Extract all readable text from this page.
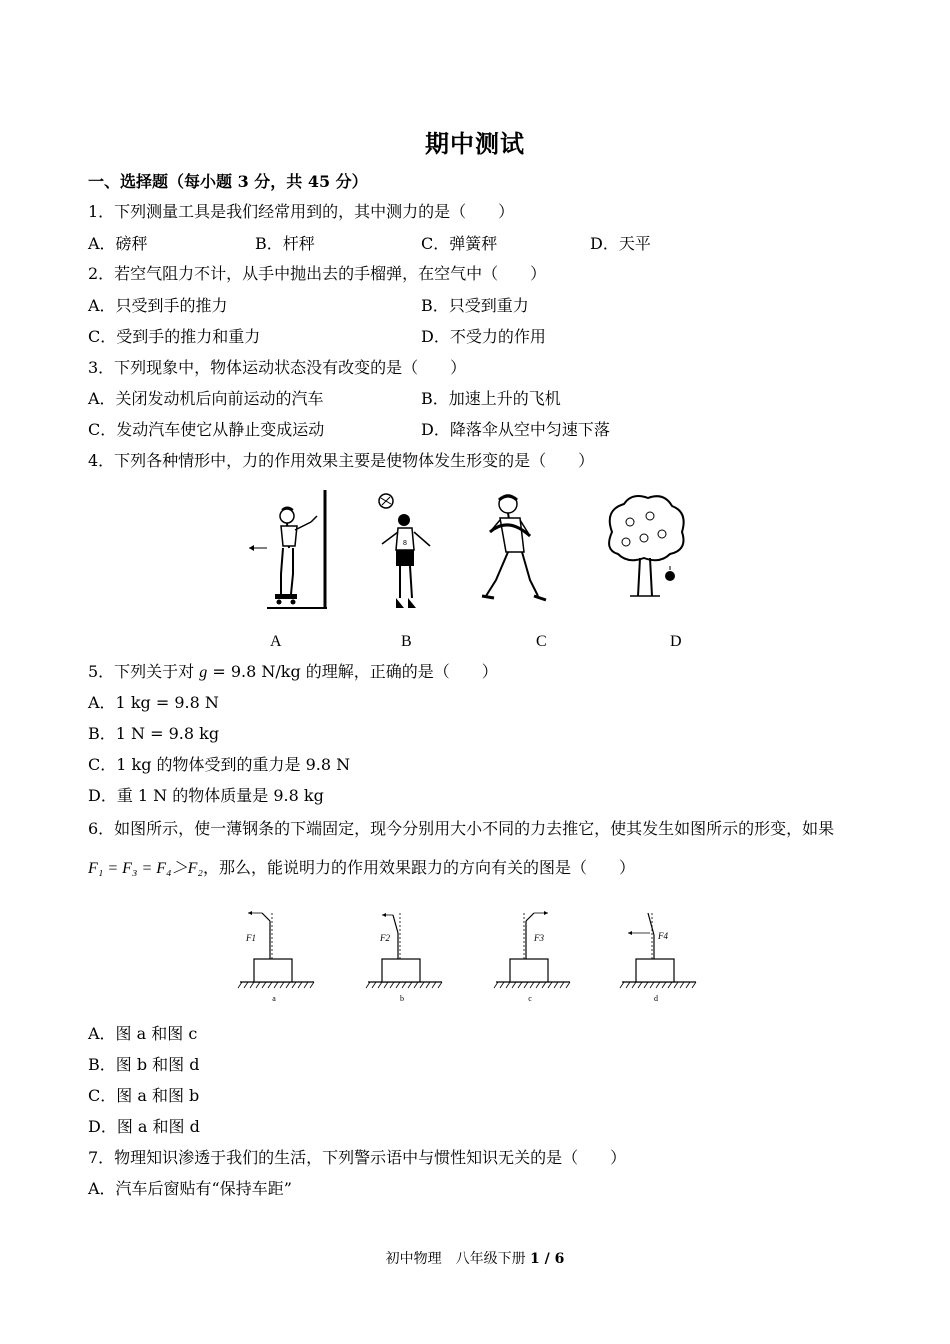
期中测试
一、选择题（每小题 3 分，共 45 分）
1．下列测量工具是我们经常用到的，其中测力的是（　　）
A．磅秤	B．杆秤	C．弹簧秤	D．天平
2．若空气阻力不计，从手中抛出去的手榴弹，在空气中（　　）
A．只受到手的推力	B．只受到重力
C．受到手的推力和重力	D．不受力的作用
3．下列现象中，物体运动状态没有改变的是（　　）
A．关闭发动机后向前运动的汽车	B．加速上升的飞机
C．发动汽车使它从静止变成运动	D．降落伞从空中匀速下落
4．下列各种情形中，力的作用效果主要是使物体发生形变的是（　　）
8
A	B	C	D
5．下列关于对 g = 9.8 N/kg 的理解，正确的是（　　）
A．1 kg = 9.8 N
B．1 N = 9.8 kg
C．1 kg 的物体受到的重力是 9.8 N
D．重 1 N 的物体质量是 9.8 kg
6．如图所示，使一薄钢条的下端固定，现今分别用大小不同的力去推它，使其发生如图所示的形变，如果
F₁ = F₃ = F₄＞F₂，那么，能说明力的作用效果跟力的方向有关的图是（　　）
F1
a
F2
b
F3
c
F4
d
A．图 a 和图 c
B．图 b 和图 d
C．图 a 和图 b
D．图 a 和图 d
7．物理知识渗透于我们的生活，下列警示语中与惯性知识无关的是（　　）
A．汽车后窗贴有“保持车距”
初中物理　八年级下册 1 / 6
